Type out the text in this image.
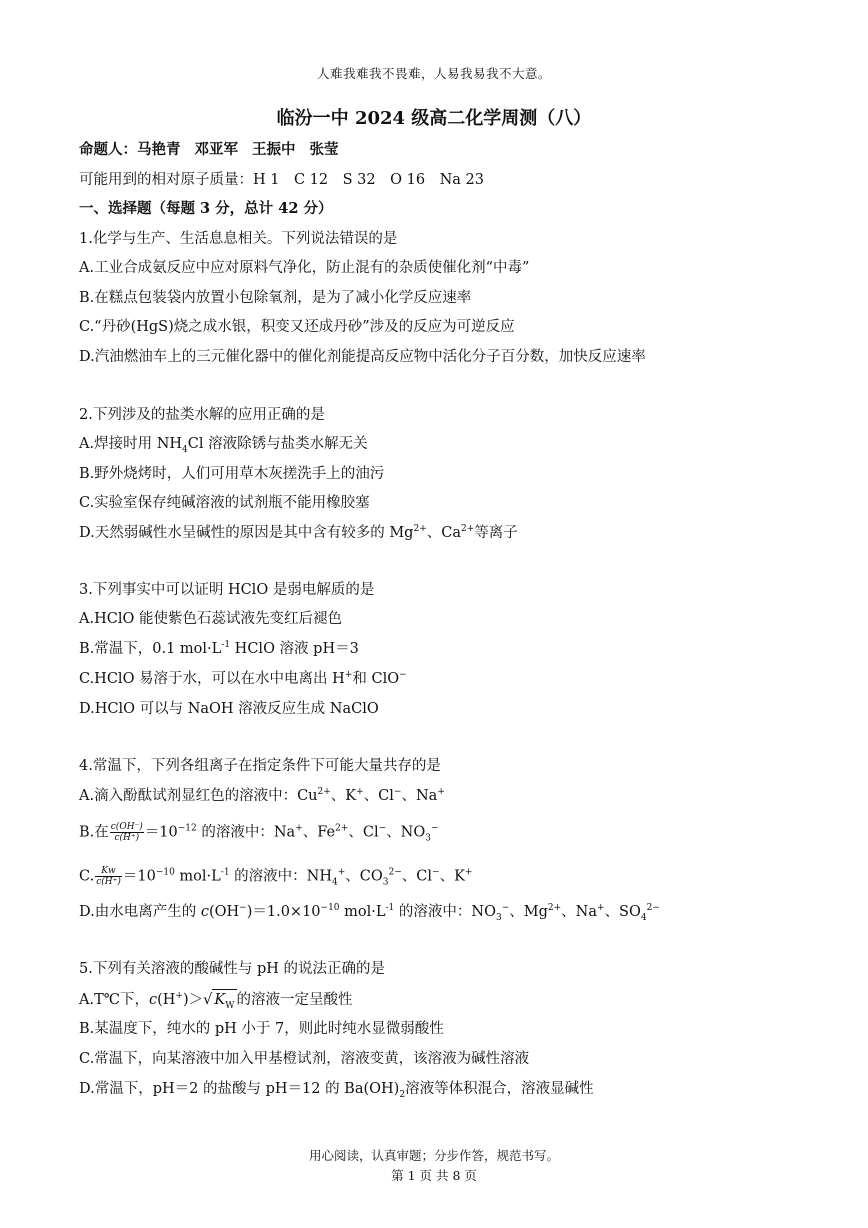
人难我难我不畏难，人易我易我不大意。
临汾一中 2024 级高二化学周测（八）
命题人：马艳青 邓亚军 王振中 张莹
可能用到的相对原子质量：H 1　C 12　S 32　O 16　Na 23
一、选择题（每题 3 分，总计 42 分）
1.化学与生产、生活息息相关。下列说法错误的是
A.工业合成氨反应中应对原料气净化，防止混有的杂质使催化剂“中毒”
B.在糕点包装袋内放置小包除氧剂，是为了减小化学反应速率
C.“丹砂(HgS)烧之成水银，积变又还成丹砂”涉及的反应为可逆反应
D.汽油燃油车上的三元催化器中的催化剂能提高反应物中活化分子百分数，加快反应速率
2.下列涉及的盐类水解的应用正确的是
A.焊接时用 $NH_4Cl$ 溶液除锈与盐类水解无关
B.野外烧烤时，人们可用草木灰搓洗手上的油污
C.实验室保存纯碱溶液的试剂瓶不能用橡胶塞
D.天然弱碱性水呈碱性的原因是其中含有较多的 $Mg^{2+}$、$Ca^{2+}$等离子
3.下列事实中可以证明 HClO 是弱电解质的是
A.HClO 能使紫色石蕊试液先变红后褪色
B.常温下，0.1 $mol\cdot L^{-1}$ HClO 溶液 pH＝3
C.HClO 易溶于水，可以在水中电离出 H+和 ClO−
D.HClO 可以与 NaOH 溶液反应生成 NaClO
4.常温下，下列各组离子在指定条件下可能大量共存的是
A.滴入酚酞试剂显红色的溶液中：$Cu^{2+}$、K+、Cl−、Na+
B.在 $\frac{c(OH^-)}{c(H^+)} =10^{-12}$ 的溶液中：Na+、$Fe^{2+}$、Cl−、$NO_3^-$
C. $\frac{Kw}{c(H^+)} =10^{-10}$ $mol\cdot L^{-1}$ 的溶液中：$NH_4^+$、$CO_3^{2-}$、Cl−、K+
D.由水电离产生的 $c(OH^-)=1.0\times 10^{-10}$ $mol\cdot L^{-1}$ 的溶液中：$NO_3^-$、$Mg^{2+}$、Na+、$SO_4^{2-}$
5.下列有关溶液的酸碱性与 pH 的说法正确的是
A.T℃下，c(H+)＞√ $K_W$ 的溶液一定呈酸性
B.某温度下，纯水的 pH 小于 7，则此时纯水显微弱酸性
C.常温下，向某溶液中加入甲基橙试剂，溶液变黄，该溶液为碱性溶液
D.常温下，pH＝2 的盐酸与 pH＝12 的 $Ba(OH)_2$溶液等体积混合，溶液显碱性
用心阅读，认真审题；分步作答，规范书写。
第 1 页 共 8 页
